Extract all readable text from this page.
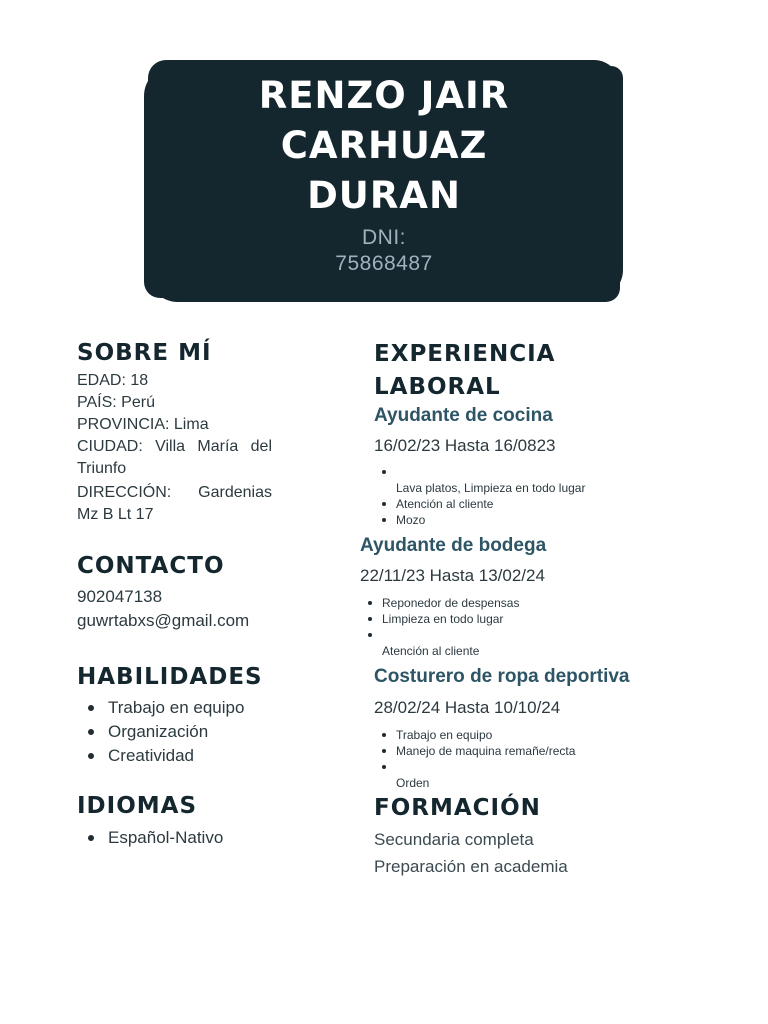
RENZO JAIR
CARHUAZ
DURAN
DNI:
75868487
SOBRE MÍ
EDAD: 18
PAÍS: Perú
PROVINCIA: Lima
CIUDAD: Villa María del Triunfo
DIRECCIÓN: Gardenias Mz B Lt 17
CONTACTO
902047138
guwrtabxs@gmail.com
HABILIDADES
Trabajo en equipo
Organización
Creatividad
IDIOMAS
Español-Nativo
EXPERIENCIA
LABORAL
Ayudante de cocina
16/02/23 Hasta 16/0823
Lava platos, Limpieza en todo lugar
Atención al cliente
Mozo
Ayudante de bodega
22/11/23 Hasta 13/02/24
Reponedor de despensas
Limpieza en todo lugar
Atención al cliente
Costurero de ropa deportiva
28/02/24 Hasta 10/10/24
Trabajo en equipo
Manejo de maquina remañe/recta
Orden
FORMACIÓN
Secundaria completa
Preparación en academia
